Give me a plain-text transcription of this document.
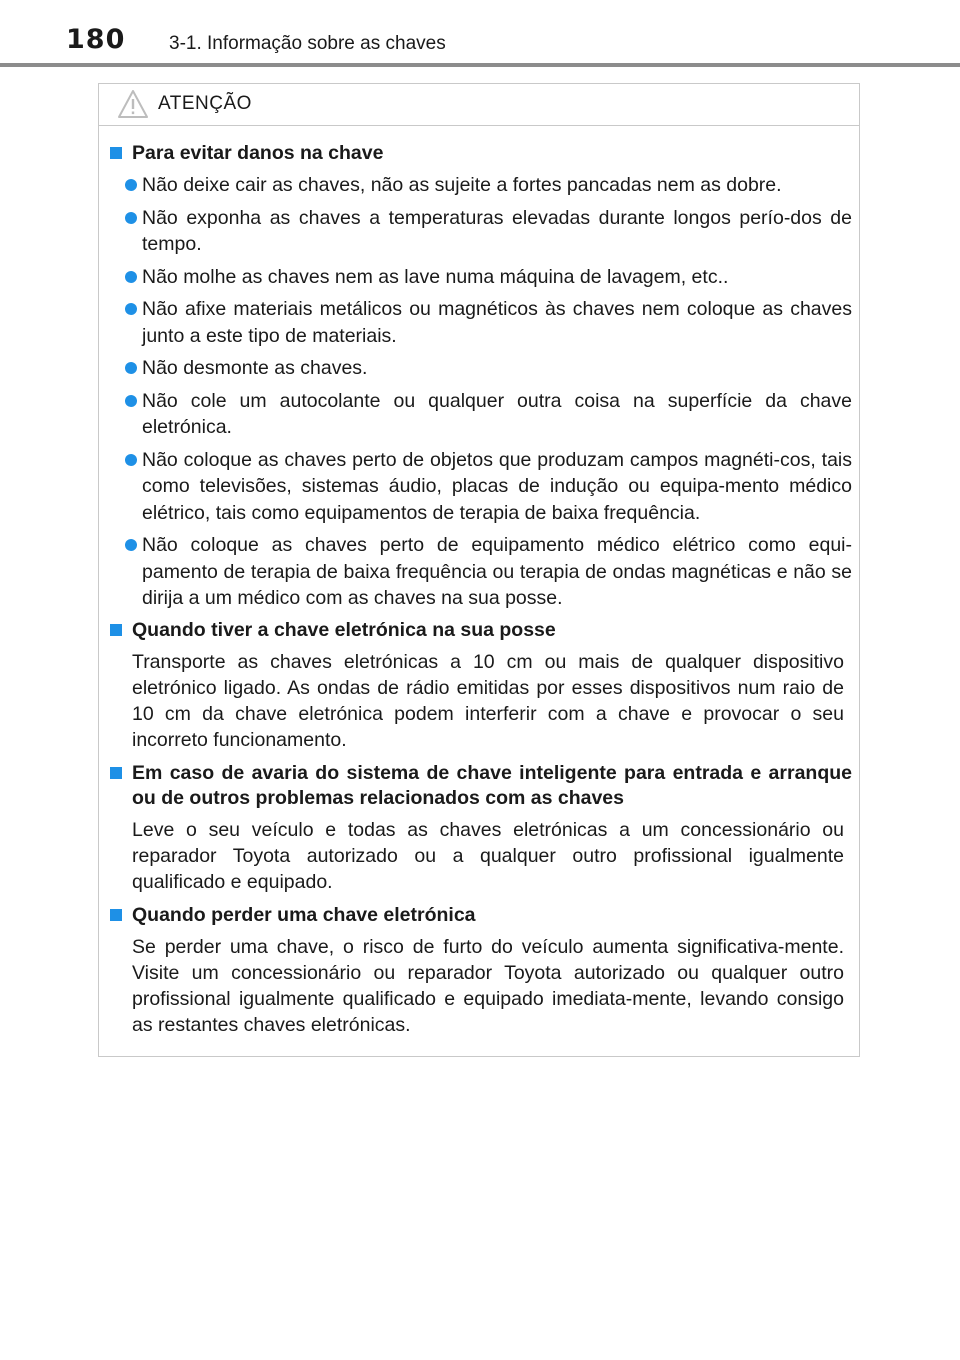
180 3-1. Informação sobre as chaves
ATENÇÃO
Para evitar danos na chave
Não deixe cair as chaves, não as sujeite a fortes pancadas nem as dobre.
Não exponha as chaves a temperaturas elevadas durante longos perío-dos de tempo.
Não molhe as chaves nem as lave numa máquina de lavagem, etc..
Não afixe materiais metálicos ou magnéticos às chaves nem coloque as chaves junto a este tipo de materiais.
Não desmonte as chaves.
Não cole um autocolante ou qualquer outra coisa na superfície da chave eletrónica.
Não coloque as chaves perto de objetos que produzam campos magnéti-cos, tais como televisões, sistemas áudio, placas de indução ou equipa-mento médico elétrico, tais como equipamentos de terapia de baixa frequência.
Não coloque as chaves perto de equipamento médico elétrico como equi-pamento de terapia de baixa frequência ou terapia de ondas magnéticas e não se dirija a um médico com as chaves na sua posse.
Quando tiver a chave eletrónica na sua posse
Transporte as chaves eletrónicas a 10 cm ou mais de qualquer dispositivo eletrónico ligado. As ondas de rádio emitidas por esses dispositivos num raio de 10 cm da chave eletrónica podem interferir com a chave e provocar o seu incorreto funcionamento.
Em caso de avaria do sistema de chave inteligente para entrada e arranque ou de outros problemas relacionados com as chaves
Leve o seu veículo e todas as chaves eletrónicas a um concessionário ou reparador Toyota autorizado ou a qualquer outro profissional igualmente qualificado e equipado.
Quando perder uma chave eletrónica
Se perder uma chave, o risco de furto do veículo aumenta significativa-mente. Visite um concessionário ou reparador Toyota autorizado ou qualquer outro profissional igualmente qualificado e equipado imediata-mente, levando consigo as restantes chaves eletrónicas.
